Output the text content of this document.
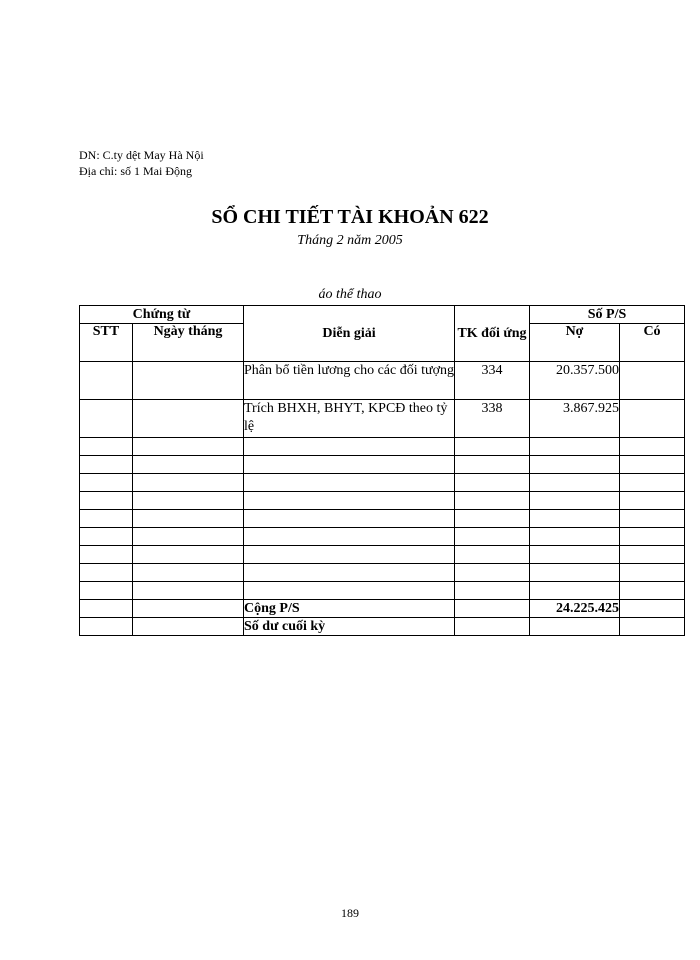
DN: C.ty dệt May Hà Nội
Địa chỉ: số 1 Mai Động
SỔ CHI TIẾT TÀI KHOẢN 622
Tháng 2 năm 2005
áo thể thao
Chứng từ		Diễn giải	TK đối ứng	Số P/S	
STT	Ngày tháng			Nợ	Có
		Phân bổ tiền lương cho các đối tượng	334	20.357.500	
		Trích BHXH, BHYT, KPCĐ theo tỷ lệ	338	3.867.925	

		Cộng P/S		24.225.425	
		Số dư cuối kỳ			
189
